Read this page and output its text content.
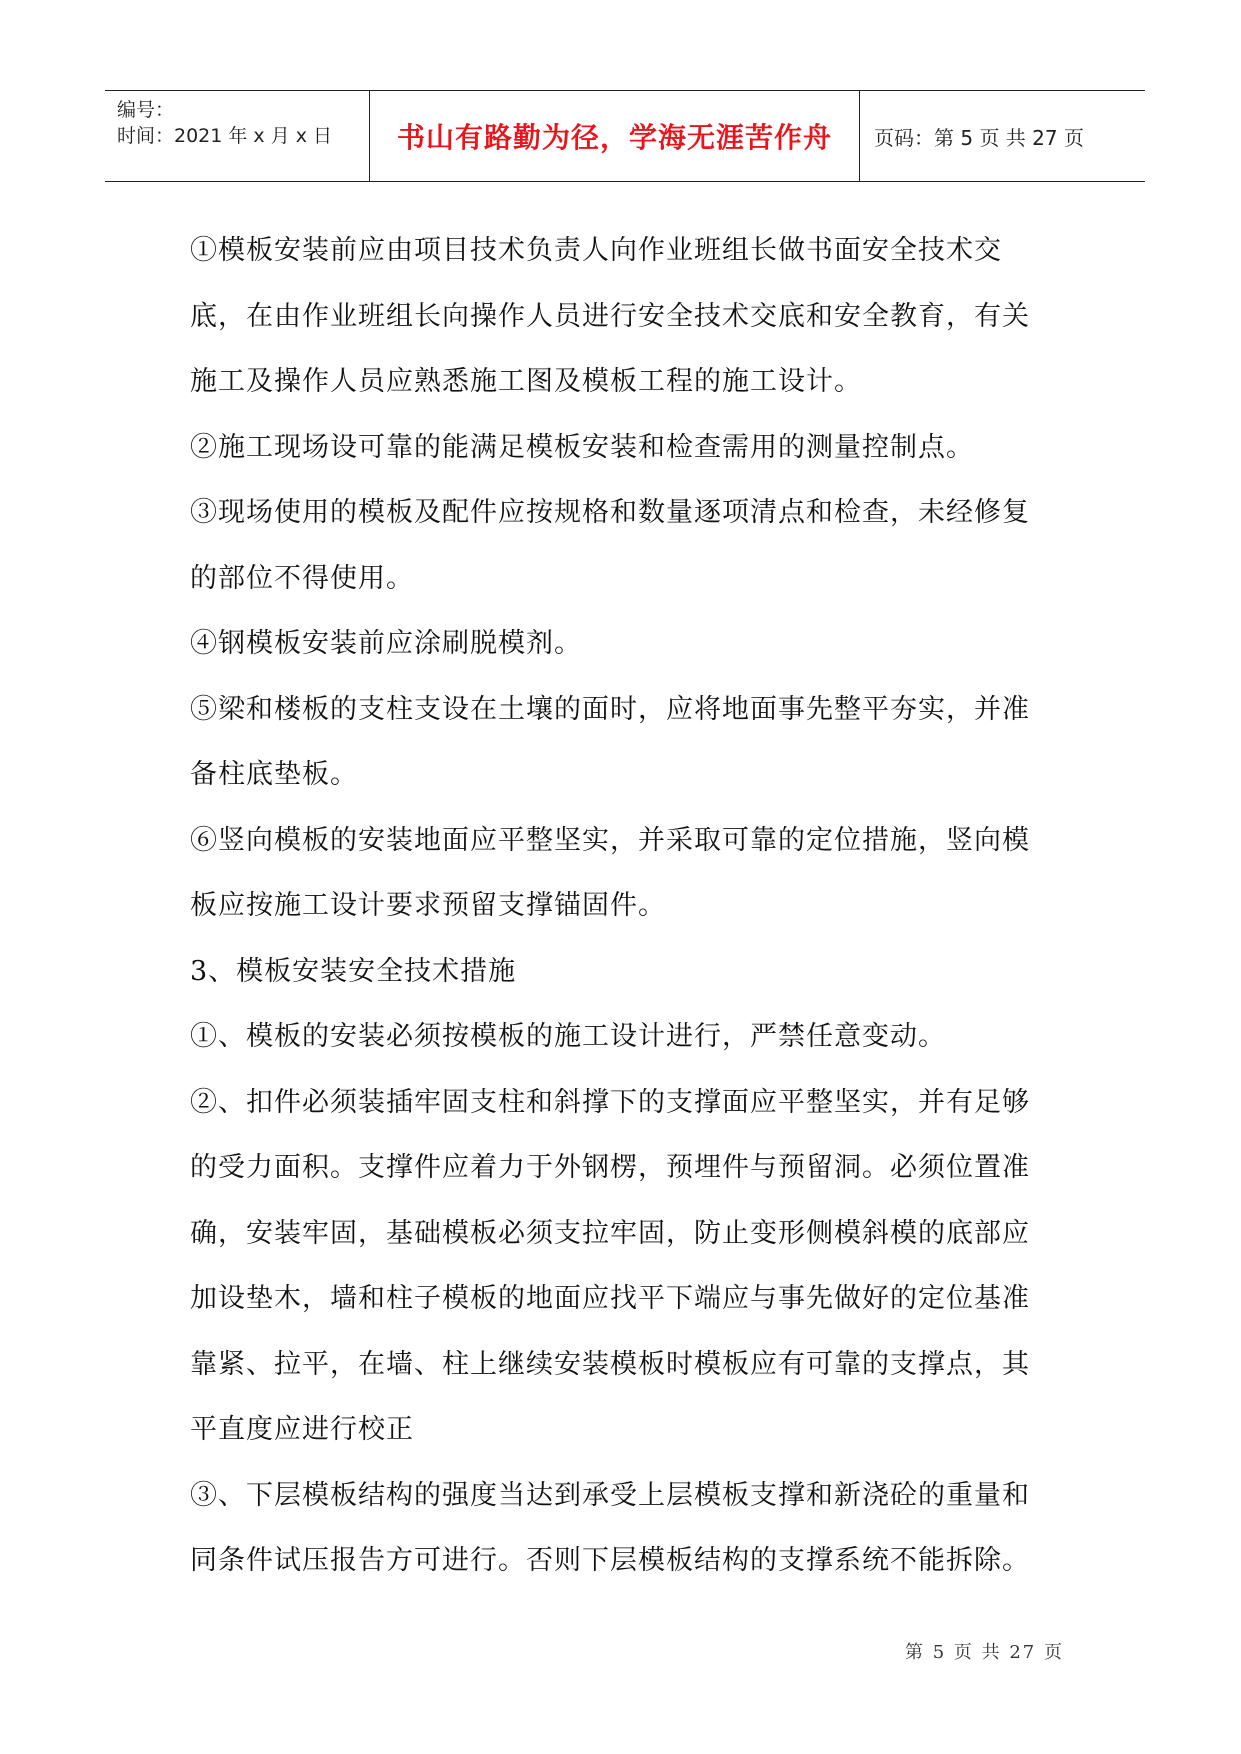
编号：
时间：2021 年 x 月 x 日	书山有路勤为径，学海无涯苦作舟	页码：第 5 页 共 27 页
①模板安装前应由项目技术负责人向作业班组长做书面安全技术交
底，在由作业班组长向操作人员进行安全技术交底和安全教育，有关
施工及操作人员应熟悉施工图及模板工程的施工设计。
②施工现场设可靠的能满足模板安装和检查需用的测量控制点。
③现场使用的模板及配件应按规格和数量逐项清点和检查，未经修复
的部位不得使用。
④钢模板安装前应涂刷脱模剂。
⑤梁和楼板的支柱支设在土壤的面时，应将地面事先整平夯实，并准
备柱底垫板。
⑥竖向模板的安装地面应平整坚实，并采取可靠的定位措施，竖向模
板应按施工设计要求预留支撑锚固件。
3、模板安装安全技术措施
①、模板的安装必须按模板的施工设计进行，严禁任意变动。
②、扣件必须装插牢固支柱和斜撑下的支撑面应平整坚实，并有足够
的受力面积。支撑件应着力于外钢楞，预埋件与预留洞。必须位置准
确，安装牢固，基础模板必须支拉牢固，防止变形侧模斜模的底部应
加设垫木，墙和柱子模板的地面应找平下端应与事先做好的定位基准
靠紧、拉平，在墙、柱上继续安装模板时模板应有可靠的支撑点，其
平直度应进行校正
③、下层模板结构的强度当达到承受上层模板支撑和新浇砼的重量和
同条件试压报告方可进行。否则下层模板结构的支撑系统不能拆除。
第 5 页 共 27 页
